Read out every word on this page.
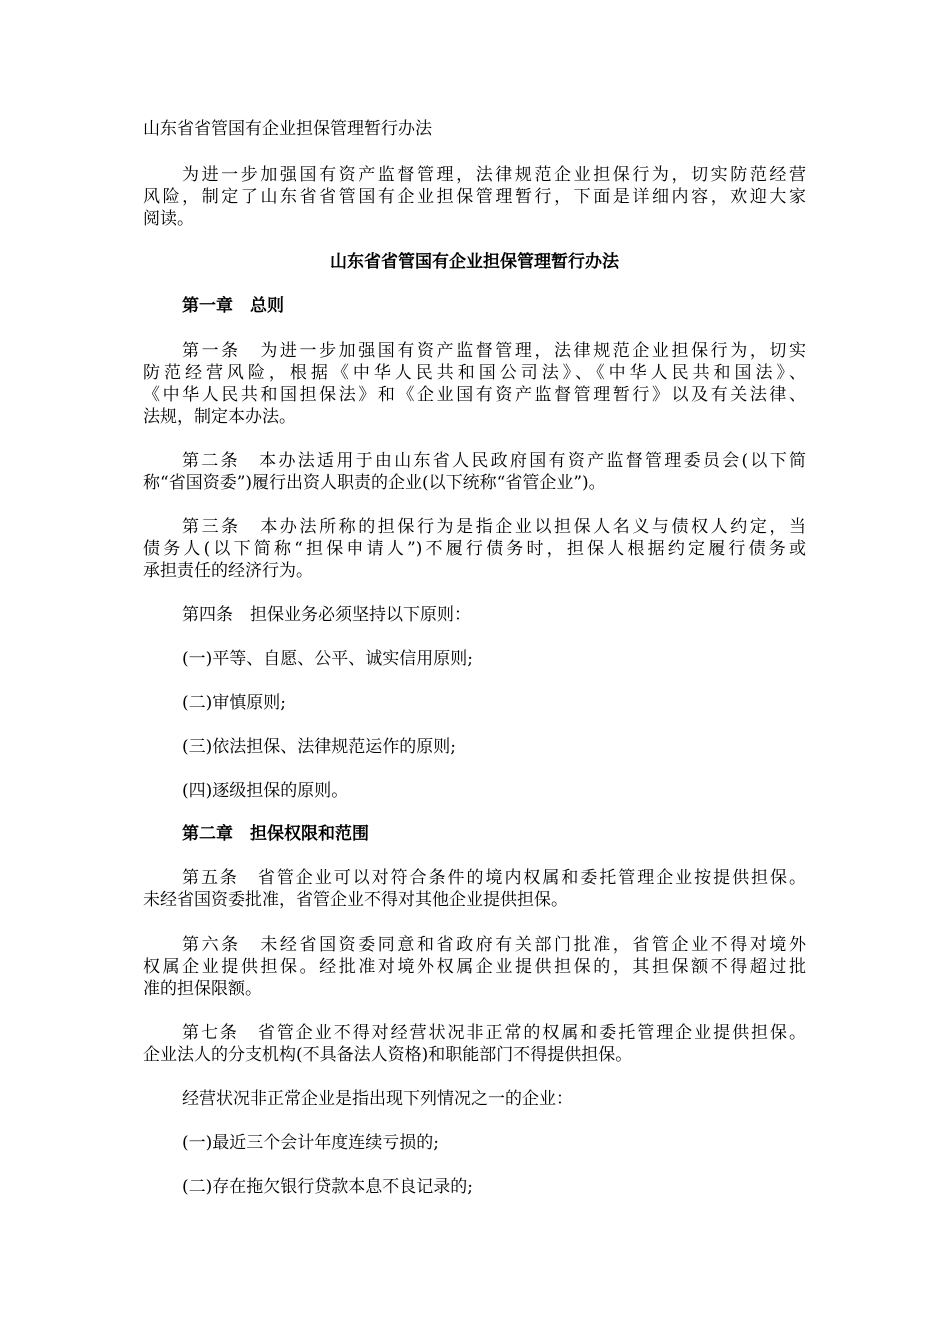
山东省省管国有企业担保管理暂行办法
为进一步加强国有资产监督管理，法律规范企业担保行为，切实防范经营
风险，制定了山东省省管国有企业担保管理暂行，下面是详细内容，欢迎大家
阅读。
山东省省管国有企业担保管理暂行办法
第一章　总则
第一条　为进一步加强国有资产监督管理，法律规范企业担保行为，切实
防范经营风险，根据《中华人民共和国公司法》、《中华人民共和国法》、
《中华人民共和国担保法》和《企业国有资产监督管理暂行》以及有关法律、
法规，制定本办法。
第二条　本办法适用于由山东省人民政府国有资产监督管理委员会(以下简
称“省国资委”)履行出资人职责的企业(以下统称“省管企业”)。
第三条　本办法所称的担保行为是指企业以担保人名义与债权人约定，当
债务人(以下简称“担保申请人”)不履行债务时，担保人根据约定履行债务或
承担责任的经济行为。
第四条　担保业务必须坚持以下原则：
(一)平等、自愿、公平、诚实信用原则;
(二)审慎原则;
(三)依法担保、法律规范运作的原则;
(四)逐级担保的原则。
第二章　担保权限和范围
第五条　省管企业可以对符合条件的境内权属和委托管理企业按提供担保。
未经省国资委批准，省管企业不得对其他企业提供担保。
第六条　未经省国资委同意和省政府有关部门批准，省管企业不得对境外
权属企业提供担保。经批准对境外权属企业提供担保的，其担保额不得超过批
准的担保限额。
第七条　省管企业不得对经营状况非正常的权属和委托管理企业提供担保。
企业法人的分支机构(不具备法人资格)和职能部门不得提供担保。
经营状况非正常企业是指出现下列情况之一的企业：
(一)最近三个会计年度连续亏损的;
(二)存在拖欠银行贷款本息不良记录的;
